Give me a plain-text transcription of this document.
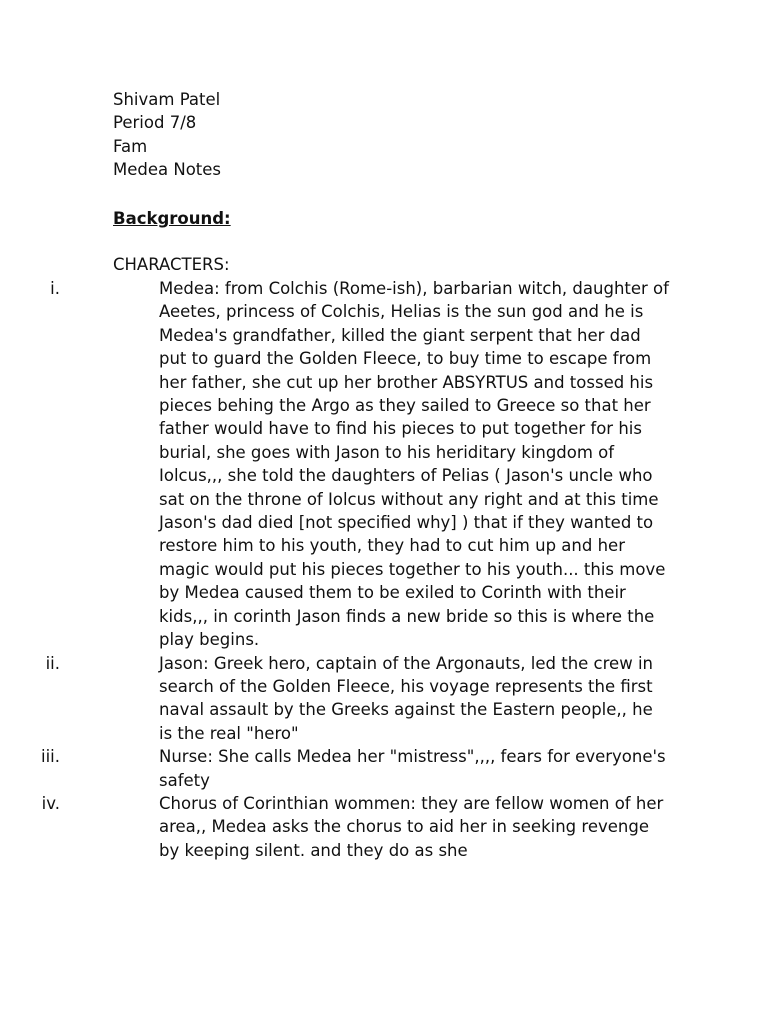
Shivam Patel
Period 7/8
Fam
Medea Notes
Background:
CHARACTERS:
i.	Medea: from Colchis (Rome-ish), barbarian witch, daughter of Aeetes, princess of Colchis, Helias is the sun god and he is Medea's grandfather, killed the giant serpent that her dad put to guard the Golden Fleece, to buy time to escape from her father, she cut up her brother ABSYRTUS and tossed his pieces behing the Argo as they sailed to Greece so that her father would have to find his pieces to put together for his burial, she goes with Jason to his heriditary kingdom of Iolcus,,, she told the daughters of Pelias ( Jason's uncle who sat on the throne of Iolcus without any right and at this time Jason's dad died [not specified why] ) that if they wanted to restore him to his youth, they had to cut him up and her magic would put his pieces together to his youth... this move by Medea caused them to be exiled to Corinth with their kids,,, in corinth Jason finds a new bride so this is where the play begins.
ii.	Jason: Greek hero, captain of the Argonauts, led the crew in search of the Golden Fleece, his voyage represents the first naval assault by the Greeks against the Eastern people,, he is the real "hero"
iii.	Nurse: She calls Medea her "mistress",,,, fears for everyone's safety
iv.	Chorus of Corinthian wommen: they are fellow women of her area,, Medea asks the chorus to aid her in seeking revenge by keeping silent. and they do as she
